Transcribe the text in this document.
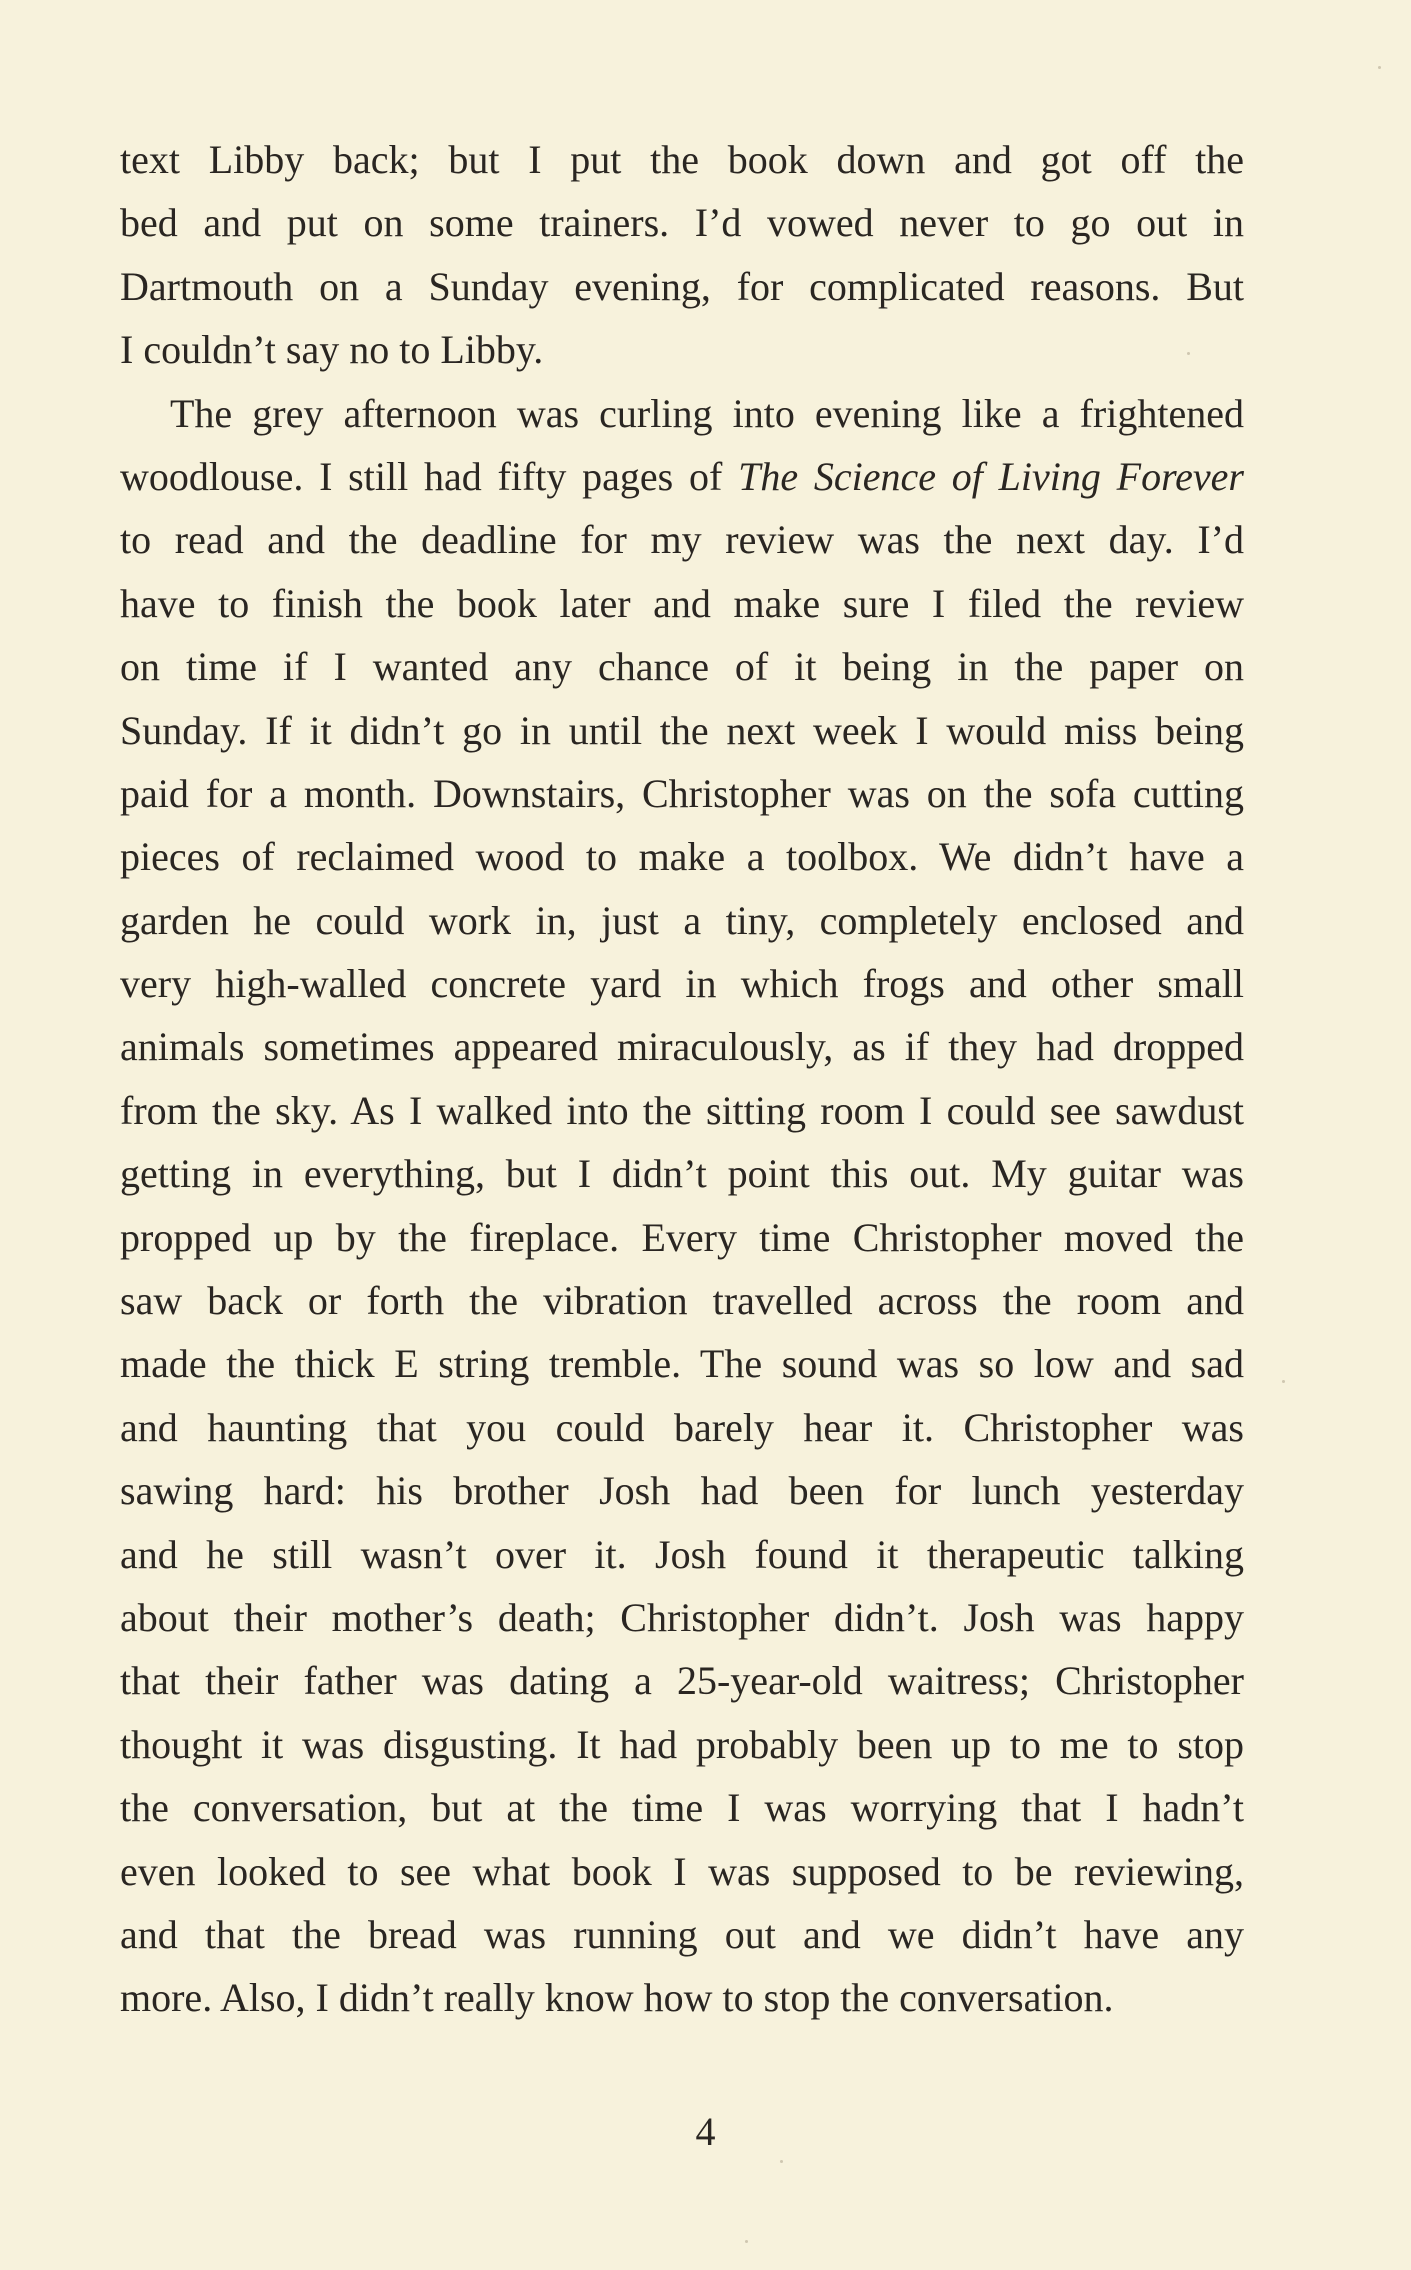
text Libby back; but I put the book down and got off the
bed and put on some trainers. I’d vowed never to go out in
Dartmouth on a Sunday evening, for complicated reasons. But
I couldn’t say no to Libby.
The grey afternoon was curling into evening like a frightened
woodlouse. I still had fifty pages of The Science of Living Forever
to read and the deadline for my review was the next day. I’d
have to finish the book later and make sure I filed the review
on time if I wanted any chance of it being in the paper on
Sunday. If it didn’t go in until the next week I would miss being
paid for a month. Downstairs, Christopher was on the sofa cutting
pieces of reclaimed wood to make a toolbox. We didn’t have a
garden he could work in, just a tiny, completely enclosed and
very high-walled concrete yard in which frogs and other small
animals sometimes appeared miraculously, as if they had dropped
from the sky. As I walked into the sitting room I could see sawdust
getting in everything, but I didn’t point this out. My guitar was
propped up by the fireplace. Every time Christopher moved the
saw back or forth the vibration travelled across the room and
made the thick E string tremble. The sound was so low and sad
and haunting that you could barely hear it. Christopher was
sawing hard: his brother Josh had been for lunch yesterday
and he still wasn’t over it. Josh found it therapeutic talking
about their mother’s death; Christopher didn’t. Josh was happy
that their father was dating a 25-year-old waitress; Christopher
thought it was disgusting. It had probably been up to me to stop
the conversation, but at the time I was worrying that I hadn’t
even looked to see what book I was supposed to be reviewing,
and that the bread was running out and we didn’t have any
more. Also, I didn’t really know how to stop the conversation.
4
